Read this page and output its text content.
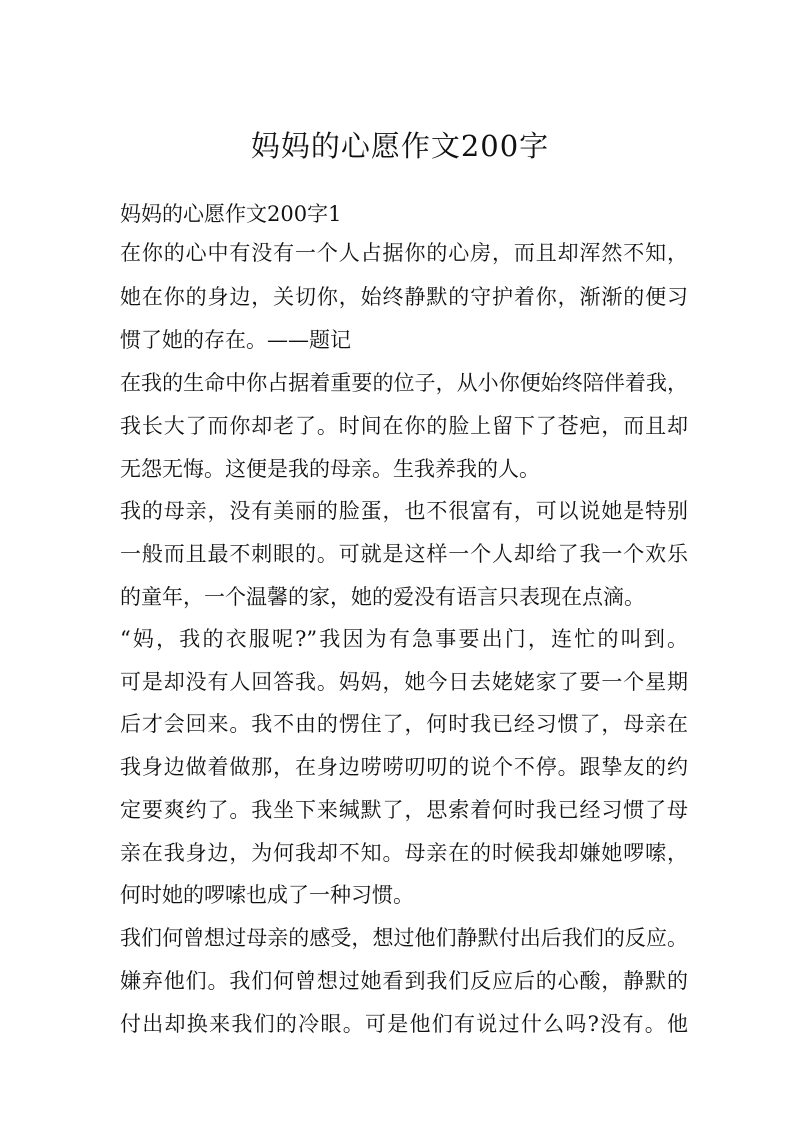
妈妈的心愿作文200字
妈妈的心愿作文200字1
在你的心中有没有一个人占据你的心房，而且却浑然不知，
她在你的身边，关切你，始终静默的守护着你，渐渐的便习
惯了她的存在。——题记
在我的生命中你占据着重要的位子，从小你便始终陪伴着我，
我长大了而你却老了。时间在你的脸上留下了苍疤，而且却
无怨无悔。这便是我的母亲。生我养我的人。
我的母亲，没有美丽的脸蛋，也不很富有，可以说她是特别
一般而且最不刺眼的。可就是这样一个人却给了我一个欢乐
的童年，一个温馨的家，她的爱没有语言只表现在点滴。
“妈，我的衣服呢?”我因为有急事要出门，连忙的叫到。
可是却没有人回答我。妈妈，她今日去姥姥家了要一个星期
后才会回来。我不由的愣住了，何时我已经习惯了，母亲在
我身边做着做那，在身边唠唠叨叨的说个不停。跟挚友的约
定要爽约了。我坐下来缄默了，思索着何时我已经习惯了母
亲在我身边，为何我却不知。母亲在的时候我却嫌她啰嗦，
何时她的啰嗦也成了一种习惯。
我们何曾想过母亲的感受，想过他们静默付出后我们的反应。
嫌弃他们。我们何曾想过她看到我们反应后的心酸，静默的
付出却换来我们的冷眼。可是他们有说过什么吗?没有。他
